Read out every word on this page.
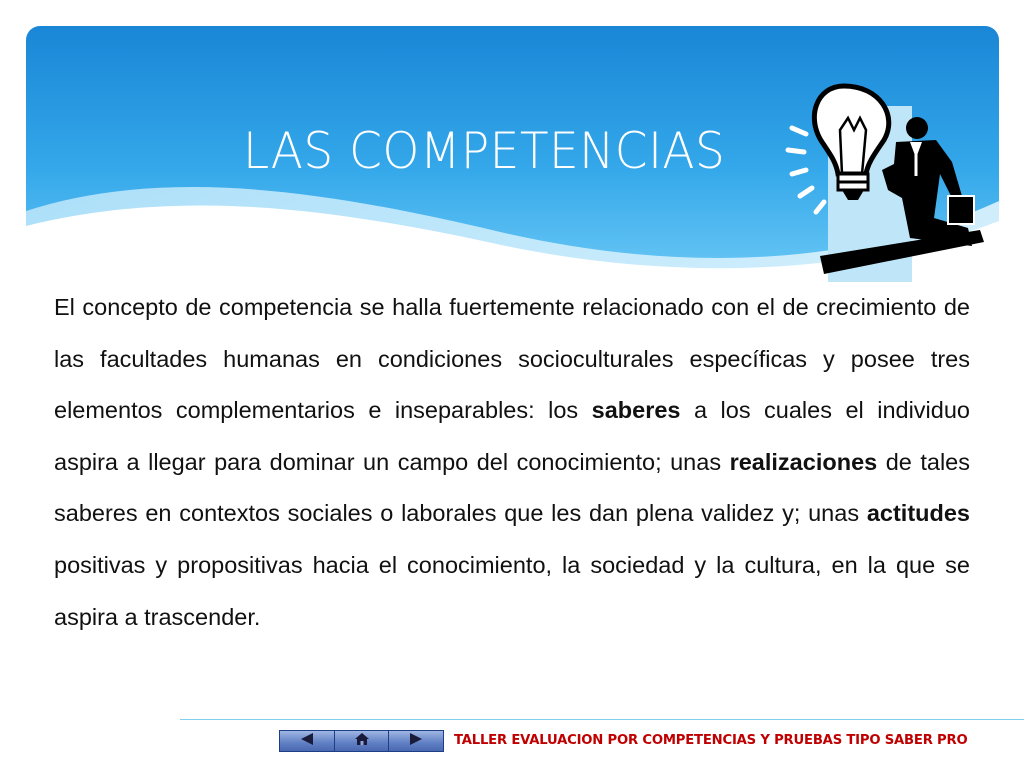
LAS COMPETENCIAS

El concepto de competencia se halla fuertemente relacionado con el de crecimiento de las facultades humanas en condiciones socioculturales específicas y posee tres elementos complementarios e inseparables: los saberes a los cuales el individuo aspira a llegar para dominar un campo del conocimiento; unas realizaciones de tales saberes en contextos sociales o laborales que les dan plena validez y; unas actitudes positivas y propositivas hacia el conocimiento, la sociedad y la cultura, en la que se aspira a trascender.

TALLER EVALUACION POR COMPETENCIAS Y PRUEBAS TIPO SABER PRO
